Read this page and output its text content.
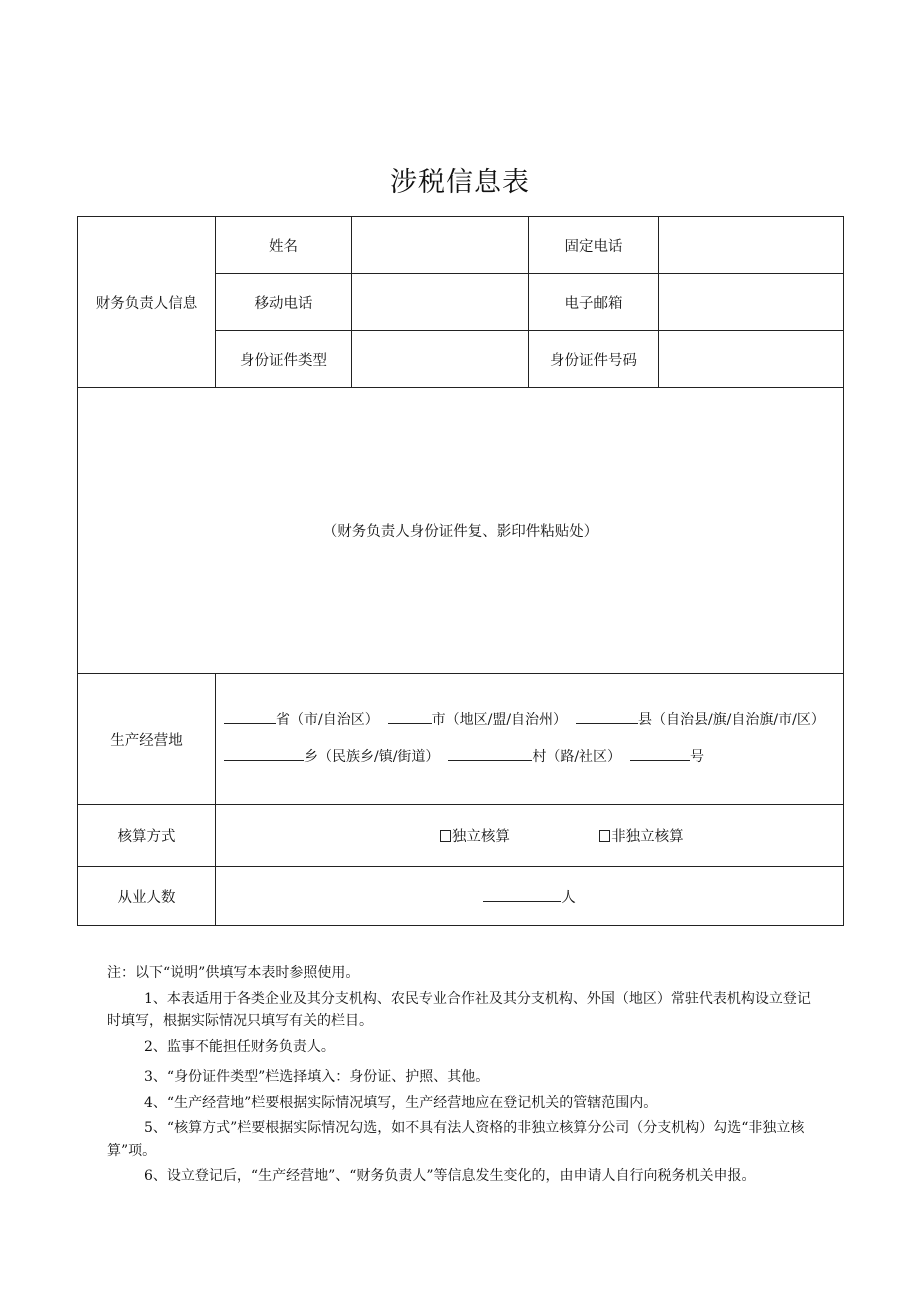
涉税信息表
财务负责人信息	姓名		固定电话	
	移动电话		电子邮箱	
	身份证件类型		身份证件号码	
（财务负责人身份证件复、影印件粘贴处）				
生产经营地	省（市/自治区） 市（地区/盟/自治州） 县（自治县/旗/自治旗/市/区）  乡（民族乡/镇/街道） 村（路/社区） 号			
核算方式	独立核算 非独立核算			
从业人数	人			

注：以下“说明”供填写本表时参照使用。

1、本表适用于各类企业及其分支机构、农民专业合作社及其分支机构、外国（地区）常驻代表机构设立登记时填写，根据实际情况只填写有关的栏目。

2、监事不能担任财务负责人。

3、“身份证件类型”栏选择填入：身份证、护照、其他。

4、“生产经营地”栏要根据实际情况填写，生产经营地应在登记机关的管辖范围内。

5、“核算方式”栏要根据实际情况勾选，如不具有法人资格的非独立核算分公司（分支机构）勾选“非独立核算”项。

6、设立登记后，“生产经营地”、“财务负责人”等信息发生变化的，由申请人自行向税务机关申报。
